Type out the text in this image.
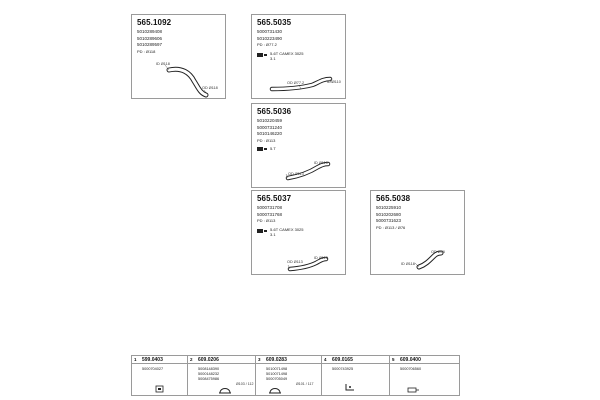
565.1092
5010289408
5010289606
5010289597
PD : Ø118
ID Ø118
OD Ø118
565.5035
5000731430
5010223490
PD : Ø77.2
5-6T CAMEX 3025
3.1
OD Ø77.2	ID Ø110
565.5036
5010220459
5000731240
5010146220
PD : Ø113
5.T
ID Ø110
OD Ø113
565.5037
5000731708
5000731768
PD : Ø113
5-6T CAMEX 3025
3.1
OD Ø113
ID Ø110
565.5038
5010225910
5010202680
5000731623
PD : Ø113 / Ø76
ID Ø118
OD Ø76
1 599.0403
5000704027
2 609.0206
5008148390
5000148232
5008475986
Ø103 / 112
3 609.0283
5010071498
5010071498
5000705049
Ø101 / 117
4 609.0165
5000743925
5 609.0400
5000706560
